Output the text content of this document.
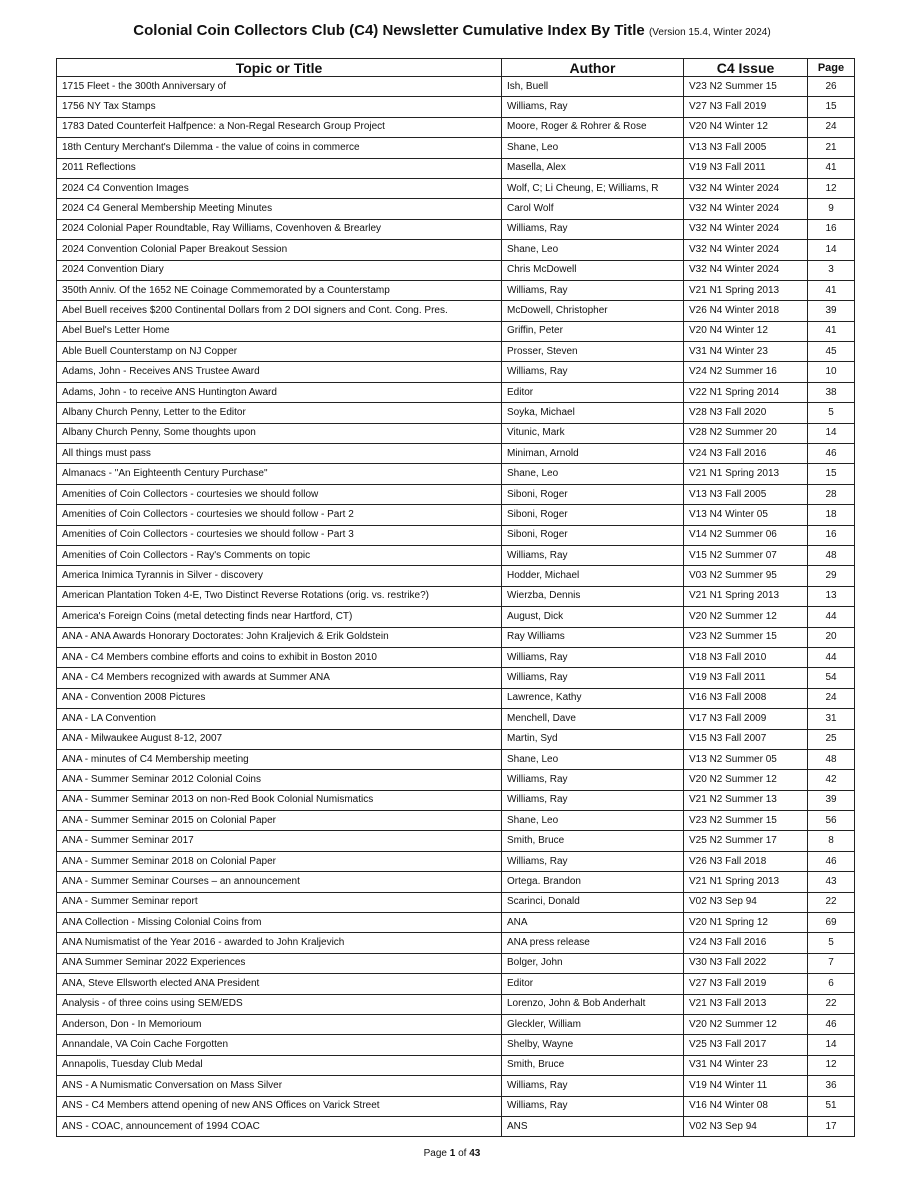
Colonial Coin Collectors Club (C4) Newsletter Cumulative Index By Title (Version 15.4, Winter 2024)
Topic or Title	Author	C4 Issue	Page
1715 Fleet - the 300th Anniversary of	Ish, Buell	V23 N2 Summer 15	26
1756 NY Tax Stamps	Williams, Ray	V27 N3 Fall 2019	15
1783 Dated Counterfeit Halfpence: a Non-Regal Research Group Project	Moore, Roger & Rohrer & Rose	V20 N4 Winter 12	24
18th Century Merchant's Dilemma - the value of coins in commerce	Shane, Leo	V13 N3 Fall 2005	21
2011 Reflections	Masella, Alex	V19 N3 Fall 2011	41
2024 C4 Convention Images	Wolf, C; Li Cheung, E; Williams, R	V32 N4 Winter 2024	12
2024 C4 General Membership Meeting Minutes	Carol Wolf	V32 N4 Winter 2024	9
2024 Colonial Paper Roundtable, Ray Williams, Covenhoven & Brearley	Williams, Ray	V32 N4 Winter 2024	16
2024 Convention Colonial Paper Breakout Session	Shane, Leo	V32 N4 Winter 2024	14
2024 Convention Diary	Chris McDowell	V32 N4 Winter 2024	3
350th Anniv. Of the 1652 NE Coinage Commemorated by a Counterstamp	Williams, Ray	V21 N1 Spring 2013	41
Abel Buell receives $200 Continental Dollars from 2 DOI signers and Cont. Cong. Pres.	McDowell, Christopher	V26 N4 Winter 2018	39
Abel Buel's Letter Home	Griffin, Peter	V20 N4 Winter 12	41
Able Buell Counterstamp on NJ Copper	Prosser, Steven	V31 N4 Winter 23	45
Adams, John - Receives ANS Trustee Award	Williams, Ray	V24 N2 Summer 16	10
Adams, John - to receive ANS Huntington Award	Editor	V22 N1 Spring 2014	38
Albany Church Penny, Letter to the Editor	Soyka, Michael	V28 N3 Fall 2020	5
Albany Church Penny, Some thoughts upon	Vitunic, Mark	V28 N2 Summer 20	14
All things must pass	Miniman, Arnold	V24 N3 Fall 2016	46
Almanacs - "An Eighteenth Century Purchase"	Shane, Leo	V21 N1 Spring 2013	15
Amenities of Coin Collectors - courtesies we should follow	Siboni, Roger	V13 N3 Fall 2005	28
Amenities of Coin Collectors - courtesies we should follow - Part 2	Siboni, Roger	V13 N4 Winter 05	18
Amenities of Coin Collectors - courtesies we should follow - Part 3	Siboni, Roger	V14 N2 Summer 06	16
Amenities of Coin Collectors - Ray's Comments on topic	Williams, Ray	V15 N2 Summer 07	48
America Inimica Tyrannis in Silver - discovery	Hodder, Michael	V03 N2 Summer 95	29
American Plantation Token 4-E, Two Distinct Reverse Rotations (orig. vs. restrike?)	Wierzba, Dennis	V21 N1 Spring 2013	13
America's Foreign Coins (metal detecting finds near Hartford, CT)	August, Dick	V20 N2 Summer 12	44
ANA - ANA Awards Honorary Doctorates: John Kraljevich & Erik Goldstein	Ray Williams	V23 N2 Summer 15	20
ANA - C4 Members combine efforts and coins to exhibit in Boston 2010	Williams, Ray	V18 N3 Fall 2010	44
ANA - C4 Members recognized with awards at Summer ANA	Williams, Ray	V19 N3 Fall 2011	54
ANA - Convention 2008 Pictures	Lawrence, Kathy	V16 N3 Fall 2008	24
ANA - LA Convention	Menchell, Dave	V17 N3 Fall 2009	31
ANA - Milwaukee August 8-12, 2007	Martin, Syd	V15 N3 Fall 2007	25
ANA - minutes of C4 Membership meeting	Shane, Leo	V13 N2 Summer 05	48
ANA - Summer Seminar 2012 Colonial Coins	Williams, Ray	V20 N2 Summer 12	42
ANA - Summer Seminar 2013 on non-Red Book Colonial Numismatics	Williams, Ray	V21 N2 Summer 13	39
ANA - Summer Seminar 2015 on Colonial Paper	Shane, Leo	V23 N2 Summer 15	56
ANA - Summer Seminar 2017	Smith, Bruce	V25 N2 Summer 17	8
ANA - Summer Seminar 2018 on Colonial Paper	Williams, Ray	V26 N3 Fall 2018	46
ANA - Summer Seminar Courses – an announcement	Ortega. Brandon	V21 N1 Spring 2013	43
ANA - Summer Seminar report	Scarinci, Donald	V02 N3 Sep 94	22
ANA Collection - Missing Colonial Coins from	ANA	V20 N1 Spring 12	69
ANA Numismatist of the Year 2016 - awarded to John Kraljevich	ANA press release	V24 N3 Fall 2016	5
ANA Summer Seminar 2022 Experiences	Bolger, John	V30 N3 Fall 2022	7
ANA, Steve Ellsworth elected ANA President	Editor	V27 N3 Fall 2019	6
Analysis - of three coins using SEM/EDS	Lorenzo, John & Bob Anderhalt	V21 N3 Fall 2013	22
Anderson, Don - In Memorioum	Gleckler, William	V20 N2 Summer 12	46
Annandale, VA Coin Cache Forgotten	Shelby, Wayne	V25 N3 Fall 2017	14
Annapolis, Tuesday Club Medal	Smith, Bruce	V31 N4 Winter 23	12
ANS - A Numismatic Conversation on Mass Silver	Williams, Ray	V19 N4 Winter 11	36
ANS - C4 Members attend opening of new ANS Offices on Varick Street	Williams, Ray	V16 N4 Winter 08	51
ANS - COAC, announcement of 1994 COAC	ANS	V02 N3 Sep 94	17
Page 1 of 43
